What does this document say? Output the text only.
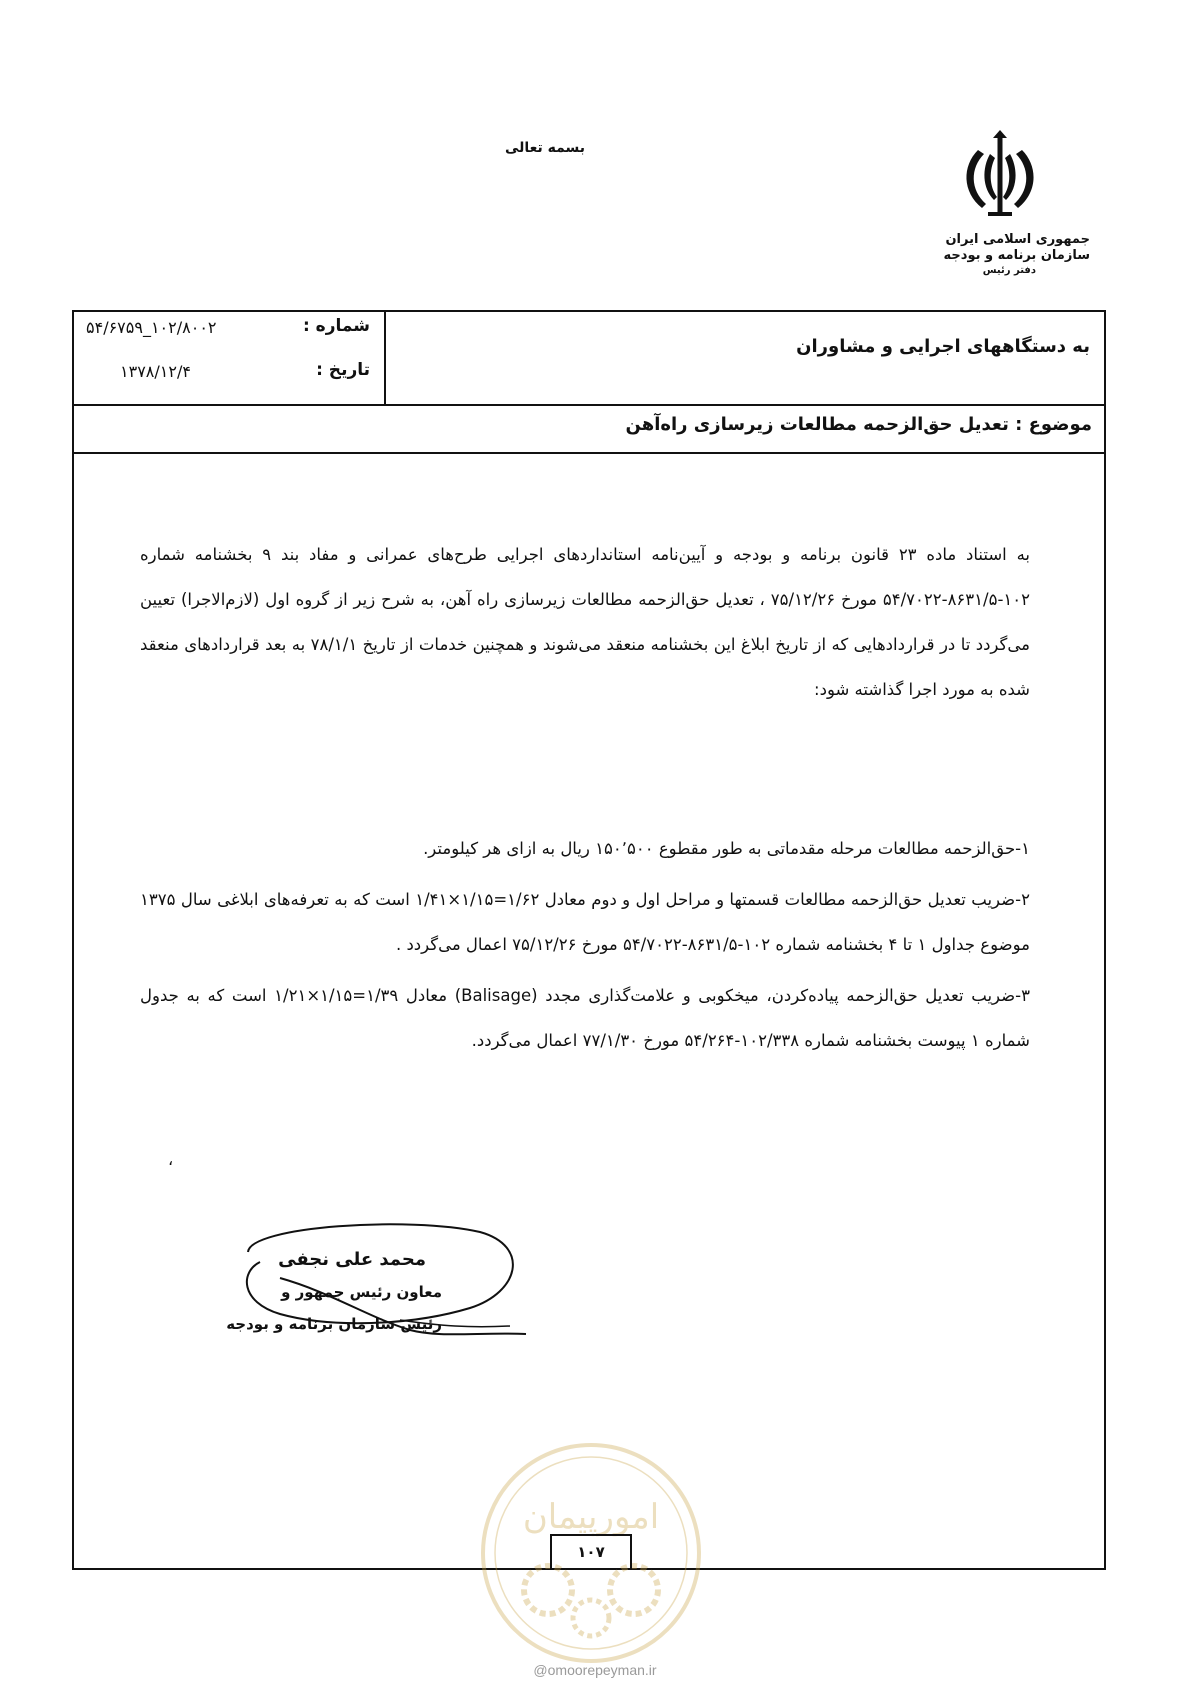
بسمه تعالی
جمهوری اسلامی ایران
سازمان برنامه و بودجه
دفتر رئیس
شماره :
۱۰۲/۸۰۰۲_۵۴/۶۷۵۹
تاریخ :
۱۳۷۸/۱۲/۴
به دستگاههای اجرایی و مشاوران
موضوع : تعدیل حق‌الزحمه مطالعات زیرسازی راه‌آهن
به استناد ماده ۲۳ قانون برنامه و بودجه و آیین‌نامه استانداردهای اجرایی طرح‌های عمرانی و مفاد بند ۹ بخشنامه شماره ۱۰۲-۸۶۳۱/۵-۵۴/۷۰۲۲ مورخ ۷۵/۱۲/۲۶ ، تعدیل حق‌الزحمه مطالعات زیرسازی راه آهن، به شرح زیر از گروه اول (لازم‌الاجرا) تعیین می‌گردد تا در قراردادهایی که از تاریخ ابلاغ این بخشنامه منعقد می‌شوند و همچنین خدمات از تاریخ ۷۸/۱/۱ به بعد قراردادهای منعقد شده به مورد اجرا گذاشته شود:
۱-حق‌الزحمه مطالعات مرحله مقدماتی به طور مقطوع ۱۵۰٬۵۰۰ ریال به ازای هر کیلومتر.
۲-ضریب تعدیل حق‌الزحمه مطالعات قسمتها و مراحل اول و دوم معادل ۱/۶۲=۱/۱۵×۱/۴۱ است که به تعرفه‌های ابلاغی سال ۱۳۷۵ موضوع جداول ۱ تا ۴ بخشنامه شماره ۱۰۲-۸۶۳۱/۵-۵۴/۷۰۲۲ مورخ ۷۵/۱۲/۲۶ اعمال می‌گردد .
۳-ضریب تعدیل حق‌الزحمه پیاده‌کردن، میخکوبی و علامت‌گذاری مجدد (Balisage) معادل ۱/۳۹=۱/۱۵×۱/۲۱ است که به جدول شماره ۱ پیوست بخشنامه شماره ۱۰۲/۳۳۸-۵۴/۲۶۴ مورخ ۷۷/۱/۳۰ اعمال می‌گردد.
،
محمد علی نجفی
معاون رئیس جمهور و
رئیس سازمان برنامه و بودجه
امورپیمان
۱۰۷
@omoorepeyman.ir
